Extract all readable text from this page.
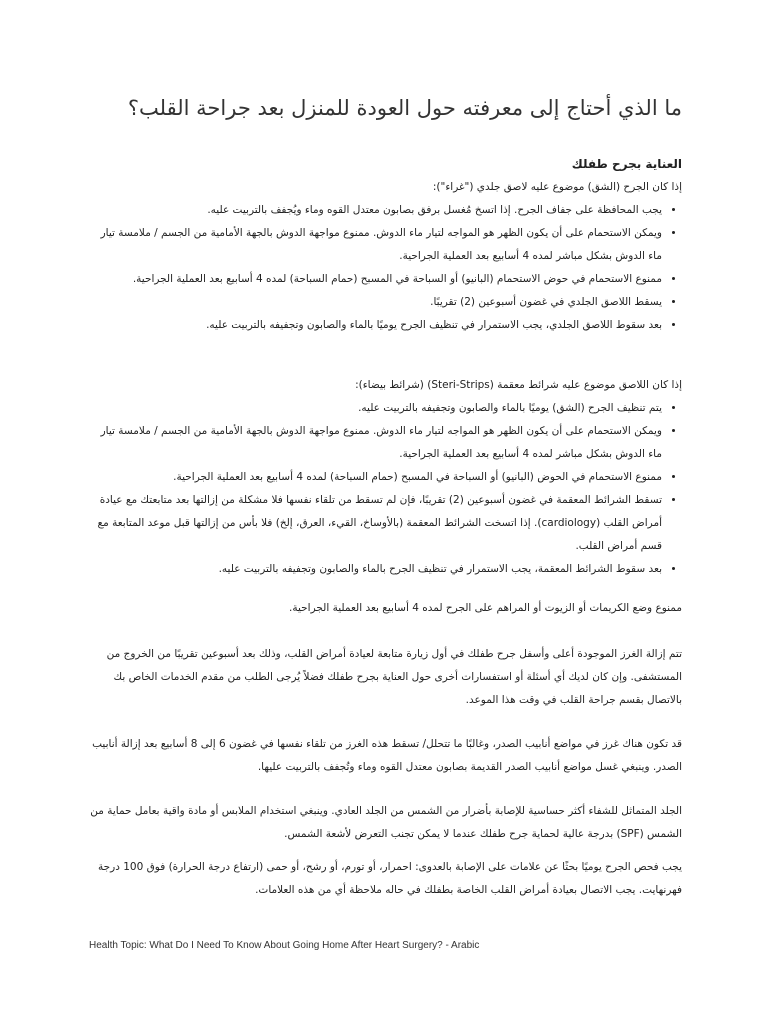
ما الذي أحتاج إلى معرفته حول العودة للمنزل بعد جراحة القلب؟

العناية بجرح طفلك

إذا كان الجرح (الشق) موضوع عليه لاصق جلدي ("غراء"):

• يجب المحافظة على جفاف الجرح. إذا اتسخ مُغسل برفق بصابون معتدل القوه وماء ويُجفف بالتربيت عليه.
• ويمكن الاستحمام على أن يكون الظهر هو المواجه لتيار ماء الدوش. ممنوع مواجهة الدوش بالجهة الأمامية من الجسم / ملامسة تيار ماء الدوش بشكل مباشر لمده 4 أسابيع بعد العملية الجراحية.
• ممنوع الاستحمام في حوض الاستحمام (البانيو) أو السباحة في المسبح (حمام السباحة) لمده 4 أسابيع بعد العملية الجراحية.
• يسقط اللاصق الجلدي في غضون أسبوعين (2) تقريبًا.
• بعد سقوط اللاصق الجلدي، يجب الاستمرار في تنظيف الجرح يوميًا بالماء والصابون وتجفيفه بالتربيت عليه.

إذا كان اللاصق موضوع عليه شرائط معقمة (Steri-Strips) (شرائط بيضاء):

• يتم تنظيف الجرح (الشق) يوميًا بالماء والصابون وتجفيفه بالتربيت عليه.
• ويمكن الاستحمام على أن يكون الظهر هو المواجه لتيار ماء الدوش. ممنوع مواجهة الدوش بالجهة الأمامية من الجسم / ملامسة تيار ماء الدوش بشكل مباشر لمده 4 أسابيع بعد العملية الجراحية.
• ممنوع الاستحمام في الحوض (البانيو) أو السباحة في المسبح (حمام السباحة) لمده 4 أسابيع بعد العملية الجراحية.
• تسقط الشرائط المعقمة في غضون أسبوعين (2) تقريبًا، فإن لم تسقط من تلقاء نفسها فلا مشكلة من إزالتها بعد متابعتك مع عيادة أمراض القلب (cardiology). إذا اتسخت الشرائط المعقمة (بالأوساخ، القيء، العرق، إلخ) فلا بأس من إزالتها قبل موعد المتابعة مع قسم أمراض القلب.
• بعد سقوط الشرائط المعقمة، يجب الاستمرار في تنظيف الجرح بالماء والصابون وتجفيفه بالتربيت عليه.

ممنوع وضع الكريمات أو الزيوت أو المراهم على الجرح لمده 4 أسابيع بعد العملية الجراحية.

تتم إزالة الغرز الموجودة أعلى وأسفل جرح طفلك في أول زيارة متابعة لعيادة أمراض القلب، وذلك بعد أسبوعين تقريبًا من الخروج من المستشفى. وإن كان لديك أي أسئلة أو استفسارات أخرى حول العناية بجرح طفلك فضلاً يُرجى الطلب من مقدم الخدمات الخاص بك بالاتصال بقسم جراحة القلب في وقت هذا الموعد.

قد تكون هناك غرز في مواضع أنابيب الصدر، وغالبًا ما تتحلل/ تسقط هذه الغرز من تلقاء نفسها في غضون 6 إلى 8 أسابيع بعد إزالة أنابيب الصدر. وينبغي غسل مواضع أنابيب الصدر القديمة بصابون معتدل القوه وماء وتُجفف بالتربيت عليها.

الجلد المتماثل للشفاء أكثر حساسية للإصابة بأضرار من الشمس من الجلد العادي. وينبغي استخدام الملابس أو مادة واقية بعامل حماية من الشمس (SPF) بدرجة عالية لحماية جرح طفلك عندما لا يمكن تجنب التعرض لأشعة الشمس.

يجب فحص الجرح يوميًا بحثًا عن علامات على الإصابة بالعدوى: احمرار، أو تورم، أو رشح، أو حمى (ارتفاع درجة الحرارة) فوق 100 درجة فهرنهايت. يجب الاتصال بعيادة أمراض القلب الخاصة بطفلك في حاله ملاحظة أي من هذه العلامات.

Health Topic: What Do I Need To Know About Going Home After Heart Surgery? - Arabic
